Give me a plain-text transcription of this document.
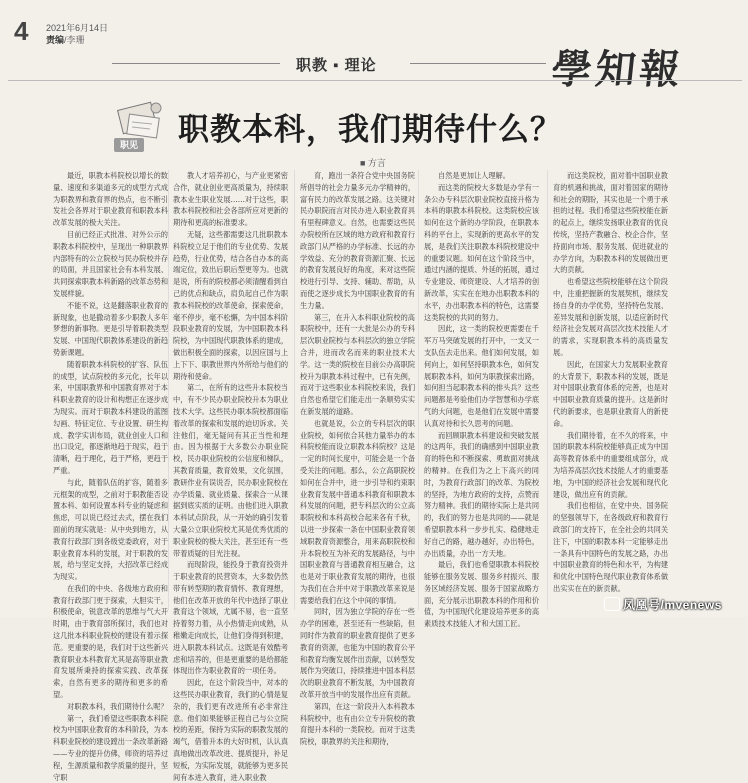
4 2021年6月14日
责编/李珊
职教 ▪ 理论	學知報
职见 职教本科，我们期待什么？
■ 方言

最近，职教本科院校以增长的数量、速度和多渠道多元的成型方式成为职教界和教育界的热点，也不断引发社会各界对于职业教育和职教本科改革发展的极大关注。

目前已经正式批准、对外公示的职教本科院校中，呈现出一种职教界内部特有的公立院校与民办院校并存的局面，并且国家社会有本科发展、共同探索职教本科新路的改革态势和发展样貌。

不能不说，这是翻落职业教育的新现象，也是撒动着多少职教人多年梦想的新事物。更是引导着职教类型发展、中国现代职教体系建设的新趋势新课题。

随着职教本科院校的扩容、队伍的成型，试点院校的多元化，长年以来，中国职教界和中国教育界对于本科职业教育的设计和构想正在逐步成为现实。而对于职教本科建设的蓝图勾画、特征定位、专业设置、研生构成、教学实训布局，就业创业人口和出口设定，都逐渐地趋于现实，趋于清晰，趋于理化，趋于严格，更趋于严重。

与此，随着队伍的扩容，随着多元框架的成型，之前对于职教能否设置本科、如何设置本科专业的疑虑和焦虑，可以说已经过去式，摆在我们面前的现实就是：从中央到地方，从教育行政部门到各级党委政府，对于职业教育本科的发展，对于职教的发展，给与坚定支持，大招改革已经成为现实。

在我们的中央、各级地方政府和教育行政部门更于探索，大胆实干，积极使命，锐意改革的思维与气大开时期，由于教育部所探讨，我们也对这几批本科职业院校的建设有着示探范。更重要的是，我们对于这些新兴教育职业本科教育尤其是高等职业教育发展所秉持的探索实践、改革探索，自然有更多的期待和更多的希望。

对职教本科，我们期待什么呢？

第一，我们希望这些职教本科院校为中国职业教育的本科阶段，为本科职业院校的建设蹚出一条改革新路——专业的提升仿佛，师资的培养过程，生源质量和教学质量的提升，坚守职

教人才培养初心，与产业更紧密合作，就业创业更高质量为，持续职教本业生职业发展……对于这些，职教本科院校和社会各部所应对更新的期待和更高的标准要求。

无疑，这些都需要这几批职教本科院校立足于他们的专业优势、发展趋势，行业优势，结合各自办本的高端定位，致出后职后型更等为。也就是说，所有的院校都必须清醒看到自己的优点和缺点，肩负起自己作为职教本科院校的改革使命，探索使命，毫不停步，毫不松懈，为中国本科阶段职业教育的发展，为中国职教本科院校，为中国现代职教体系的建成，做出积极全面的探索，以因应国与上上下下、职教世界内外所给与他们的期待和使命。

第二，在所有的这些升本院校当中，有不少民办职业院校升本为职业技术大学。这些民办职本院校都面临着改革的探索和发展的迫切诉求。关注他们，毫无疑问有其正当性和理由。因为根据于大多数公办职业院校，民办职业院校的公信度和梯队，其教育质量，教育效果，文化氛围，教研作业有误说否，民办职业院校在办学质量、就业质量、探索合一从课据到底实质的证明。由他们进入职教本科试点阶段，从一开始的确引发着大量公立职业院校尤其是优秀优质的职业院校的极大关注，甚至还有一些带着质疑的目光注视。

而现阶段，能投身于教育投资并于职业教育的民营资本，大多数仍然带有转型期的教育情怀、教育理想，他们在改革开放的年代中选择了职业教育这个领域，尤属不易，也一直坚持着努力着，从小热情走向成熟，从稚嫩走向成长，让他们身得到积建，进入职教本科试点。这既是有效酷考虑和培养的，但是更重要的是给都能体现出作为职业教育的一项任务。

因此，在这个阶段当中，对本的这些民办职业教育，我们的心情是复杂的，我们更有改进所有必非常注意。他们如果能够正程自己与公立院校的差距，保持为实际的职教发展的竭气，借着升本的大好时机，认认真真地做出改革改进、提质提升，补足短板，为实际发展，就能够为更多民间有本进入教育，进入职业教

育，跑出一条符合党中央国务院所倡导的社会力量多元办学精神的，富有民力的改革发展之路。这关键对民办职院而言对民办进入职业教育具有里程碑意义。自然，也需要这些民办院校所在区域的地方政府和教育行政部门从严格的办学标准、长远的办学效益、充分的教育资源汇聚、长远的教育发展良好的角度，来对这些院校进行引导、支持、辅助、帮助，从而使之逐步成长为中国职业教育的有生力量。

第三，在升入本科职业院校的高职院校中，还有一大批是公办的专科层次职业院校与本科层次的独立学院合并，进而改名而来的职业技术大学。这一类的院校在目前公办高职院校升为职教本科过程中，已有先例，而对于这些职业本科院校来说，我们自然也希望它们能走出一条顺势实实在新发展的道路。

也就是说，公立的专科层次的职业院校，如何依合其他力量举办的本科院校能而设立职教本科院校？这是一定的时间长度中，可能会是一个备受关注的问题。那么，公立高职院校如何在合并中，进一步引导和约束职业教育发展中普通本科教育和职教本科发展的问题，把专科层次的公立高职院校和本科高校合起来各有千秋，以进一步探索一条在中国职业教育领域职教育资源整合，用来高职院校和升本院校互为补充的发展路径，与中国职业教育与普通教育相互融合，这也是对于职业教育发展的期待，也很为我们在合并中对于职教改革来说是需要给我们在这个中间的事情。

同时，因为独立学院的存在一些办学的困难，甚至还有一些缺陷，但同时作为教育的职业教育提供了更多教育的资源，也能为中国的教育公平和教育均衡发展作出贡献，以转型发展作为突破口，持续推进中国本科层次的职业教育不断发展，为中国教育改革开放当中的发展作出应有贡献。

第四，在这一阶段升入本科教本科院校中，也有由公立专升院校的教育提升本科的一类院校。而对于这类院校，职教界的关注和期待，

自然是更加让人理解。

而这类的院校大多数是办学有一条公办专科层次职业院校直接升格为本科的职教本科院校。这类院校应该如何在这个新的办学阶段，在职教本科的平台上，实现新的更高水平的发展，是我们关注职教本科院校建设中的重要议题。如何在这个阶段当中，通过内涵的提质、外延的拓展，通过专业建设、师资建设、人才培养的创新改革，实实在在地办出职教本科的水平，办出职教本科的特色，这需要这类院校的共同的努力。

因此，这一类的院校更需要在千军万马突破发展的打开中，一支又一支队伍去走出来。他们如何发展，如何向上，如何坚持职教本色，如何发展职教本科，如何为职教探索出路，如何担当起职教本科的排头兵？这些问题都是考验他们办学智慧和办学底气的大问题，也是他们在发展中需要认真对待和长久思考的问题。

而回顾职教本科建设和突破发展的这两年，我们的确感到中国职业教育的特色和不断探索、勇敢面对挑战的精神。在我们为之上下高兴的同时，为教育行政部门的改革、为院校的坚持，为地方政府的支持，点赞而努力精神。我们的期待实际上是共同的，我们的努力也是共同的——就是希望职教本科一步步扎实、稳健地走好自己的路，越办越好，办出特色，办出质量，办出一方天地。

最后，我们也希望职教本科院校能够在服务发展、服务乡村振兴、服务区域经济发展、服务于国家战略方面，充分展示出职教本科的作用和价值，为中国现代化建设培养更多的高素质技术技能人才和大国工匠。

而这类院校，面对着中国职业教育的机遇和挑战，面对着国家的期待和社会的期盼，其实也是一个勇于承担的过程。我们希望这些院校能在新的起点上，继续发扬职业教育的优良传统，坚持产教融合、校企合作，坚持面向市场、服务发展、促进就业的办学方向，为职教本科的发展做出更大的贡献。

也希望这些院校能够在这个阶段中，注重把握新的发展契机，继续发扬自身的办学优势，坚持特色发展、差异发展和创新发展，以适应新时代经济社会发展对高层次技术技能人才的需求，实现职教本科的高质量发展。

因此，在国家大力发展职业教育的大背景下，职教本科的发展，既是对中国职业教育体系的完善，也是对中国职业教育质量的提升。这是新时代的新要求，也是职业教育人的新使命。

我们期待着，在不久的将来，中国的职教本科院校能够真正成为中国高等教育体系中的重要组成部分，成为培养高层次技术技能人才的重要基地，为中国的经济社会发展和现代化建设，做出应有的贡献。

我们也相信，在党中央、国务院的坚强领导下，在各级政府和教育行政部门的支持下，在全社会的共同关注下，中国的职教本科一定能够走出一条具有中国特色的发展之路，办出中国职业教育的特色和水平，为构建和优化中国特色现代职业教育体系做出实实在在的新贡献。

凤凰号/mvenews
